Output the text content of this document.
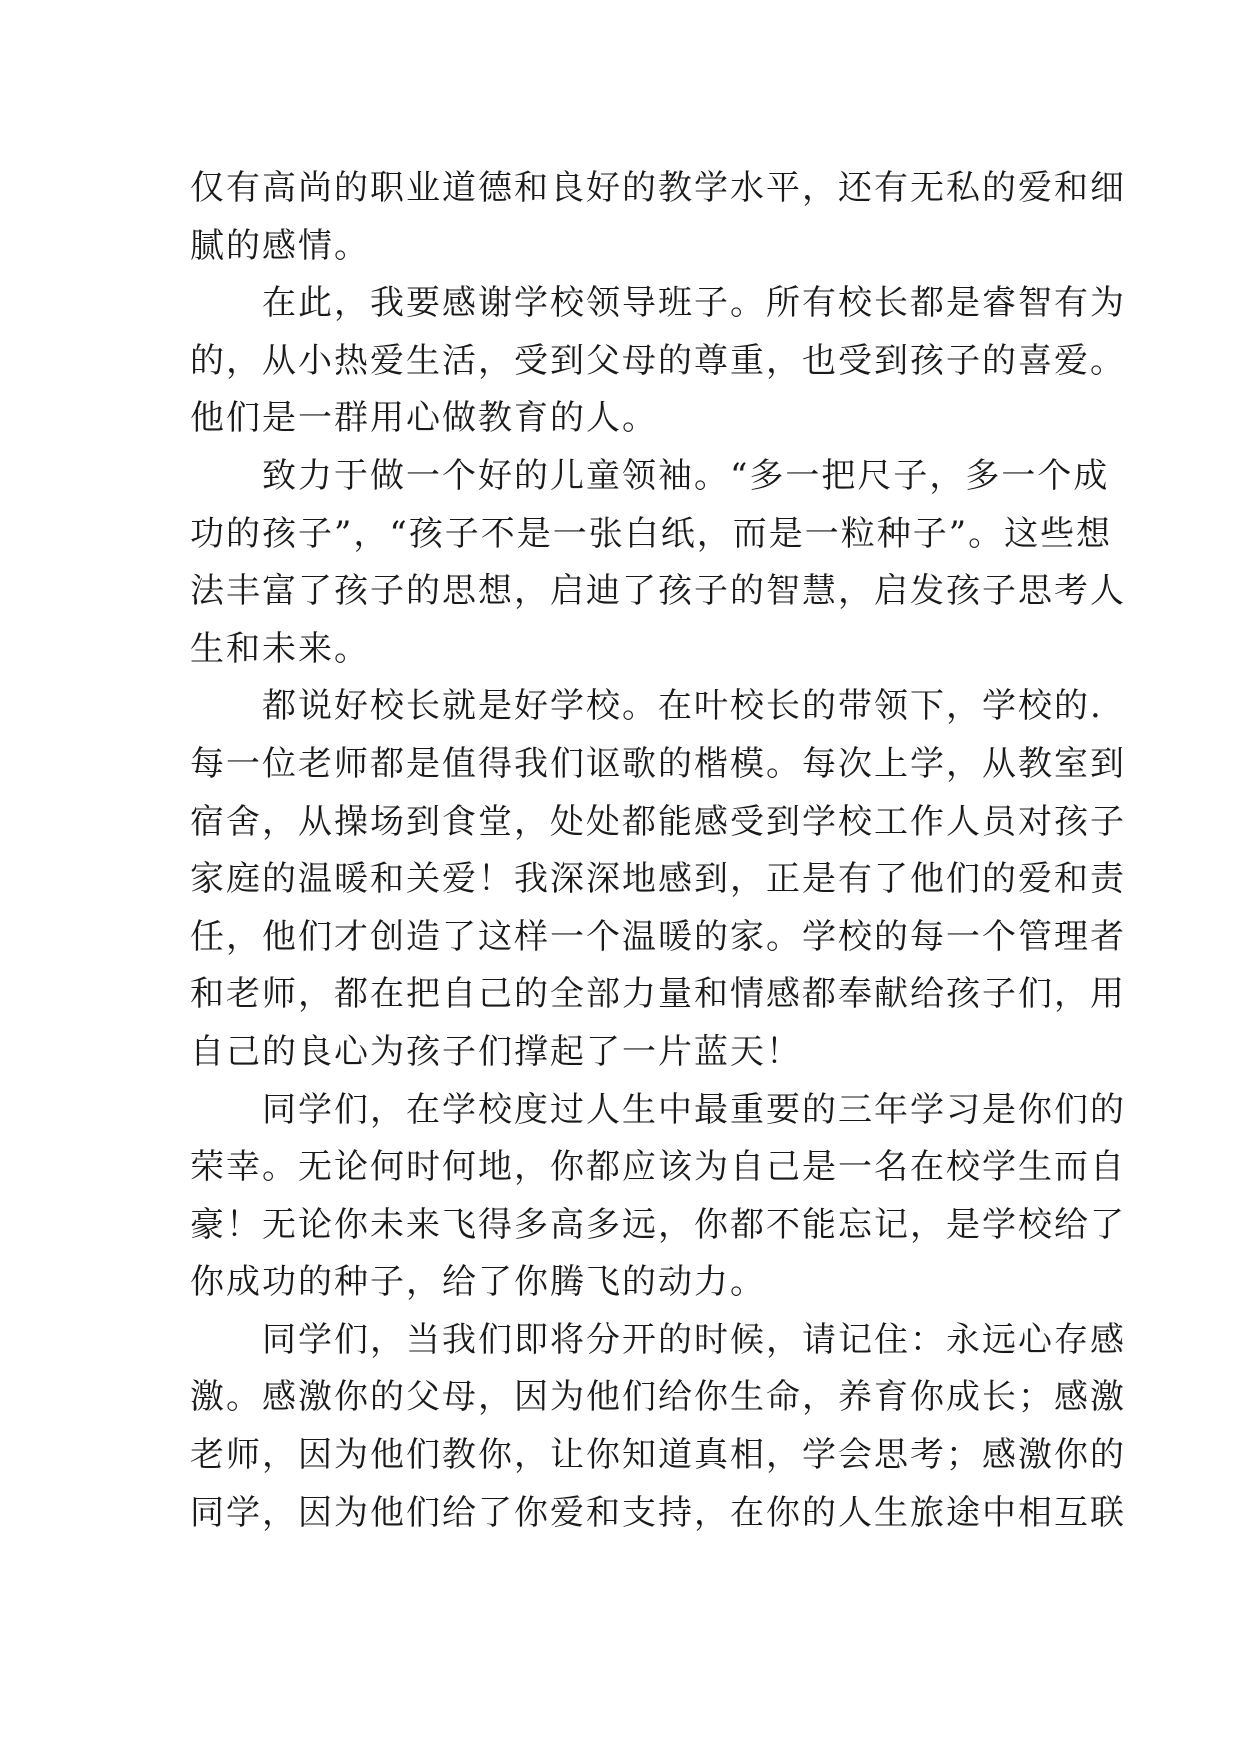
仅有高尚的职业道德和良好的教学水平，还有无私的爱和细

腻的感情。

　　在此，我要感谢学校领导班子。所有校长都是睿智有为

的，从小热爱生活，受到父母的尊重，也受到孩子的喜爱。

他们是一群用心做教育的人。

　　致力于做一个好的儿童领袖。“多一把尺子，多一个成

功的孩子”，“孩子不是一张白纸，而是一粒种子”。这些想

法丰富了孩子的思想，启迪了孩子的智慧，启发孩子思考人

生和未来。

　　都说好校长就是好学校。在叶校长的带领下，学校的.

每一位老师都是值得我们讴歌的楷模。每次上学，从教室到

宿舍，从操场到食堂，处处都能感受到学校工作人员对孩子

家庭的温暖和关爱！我深深地感到，正是有了他们的爱和责

任，他们才创造了这样一个温暖的家。学校的每一个管理者

和老师，都在把自己的全部力量和情感都奉献给孩子们，用

自己的良心为孩子们撑起了一片蓝天！

　　同学们，在学校度过人生中最重要的三年学习是你们的

荣幸。无论何时何地，你都应该为自己是一名在校学生而自

豪！无论你未来飞得多高多远，你都不能忘记，是学校给了

你成功的种子，给了你腾飞的动力。

　　同学们，当我们即将分开的时候，请记住：永远心存感

激。感激你的父母，因为他们给你生命，养育你成长；感激

老师，因为他们教你，让你知道真相，学会思考；感激你的

同学，因为他们给了你爱和支持，在你的人生旅途中相互联
